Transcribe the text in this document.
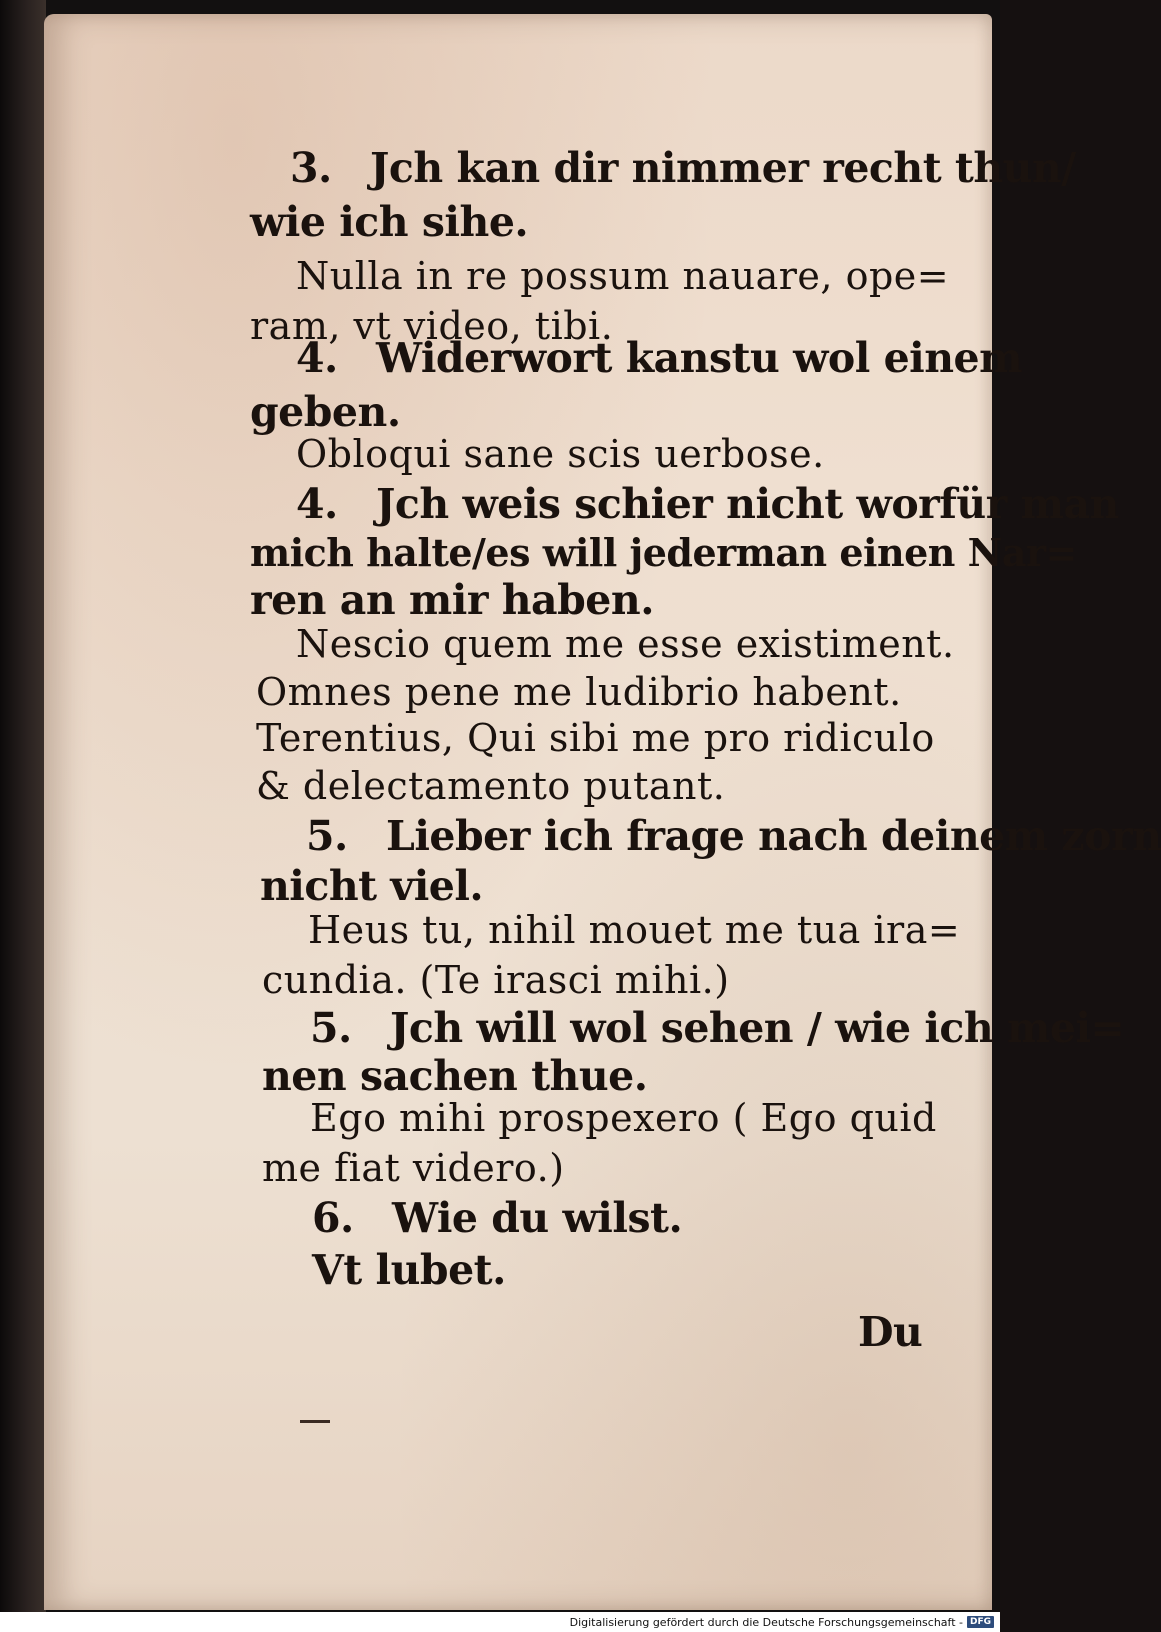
3. Jch kan dir nimmer recht thun/
wie ich sihe.
Nulla in re possum nauare, ope=
ram, vt video, tibi.
4. Widerwort kanstu wol einem
geben.
Obloqui sane scis uerbose.
4. Jch weis schier nicht worfür man
mich halte/es will jederman einen Nar=
ren an mir haben.
Nescio quem me esse existiment.
Omnes pene me ludibrio habent.
Terentius, Qui sibi me pro ridiculo
& delectamento putant.
5. Lieber ich frage nach deinem zorn
nicht viel.
Heus tu, nihil mouet me tua ira=
cundia. (Te irasci mihi.)
5. Jch will wol sehen / wie ich mei=
nen sachen thue.
Ego mihi prospexero ( Ego quid
me fiat videro.)
6. Wie du wilst.
Vt lubet.
Du
Digitalisierung gefördert durch die Deutsche Forschungsgemeinschaft - DFG
